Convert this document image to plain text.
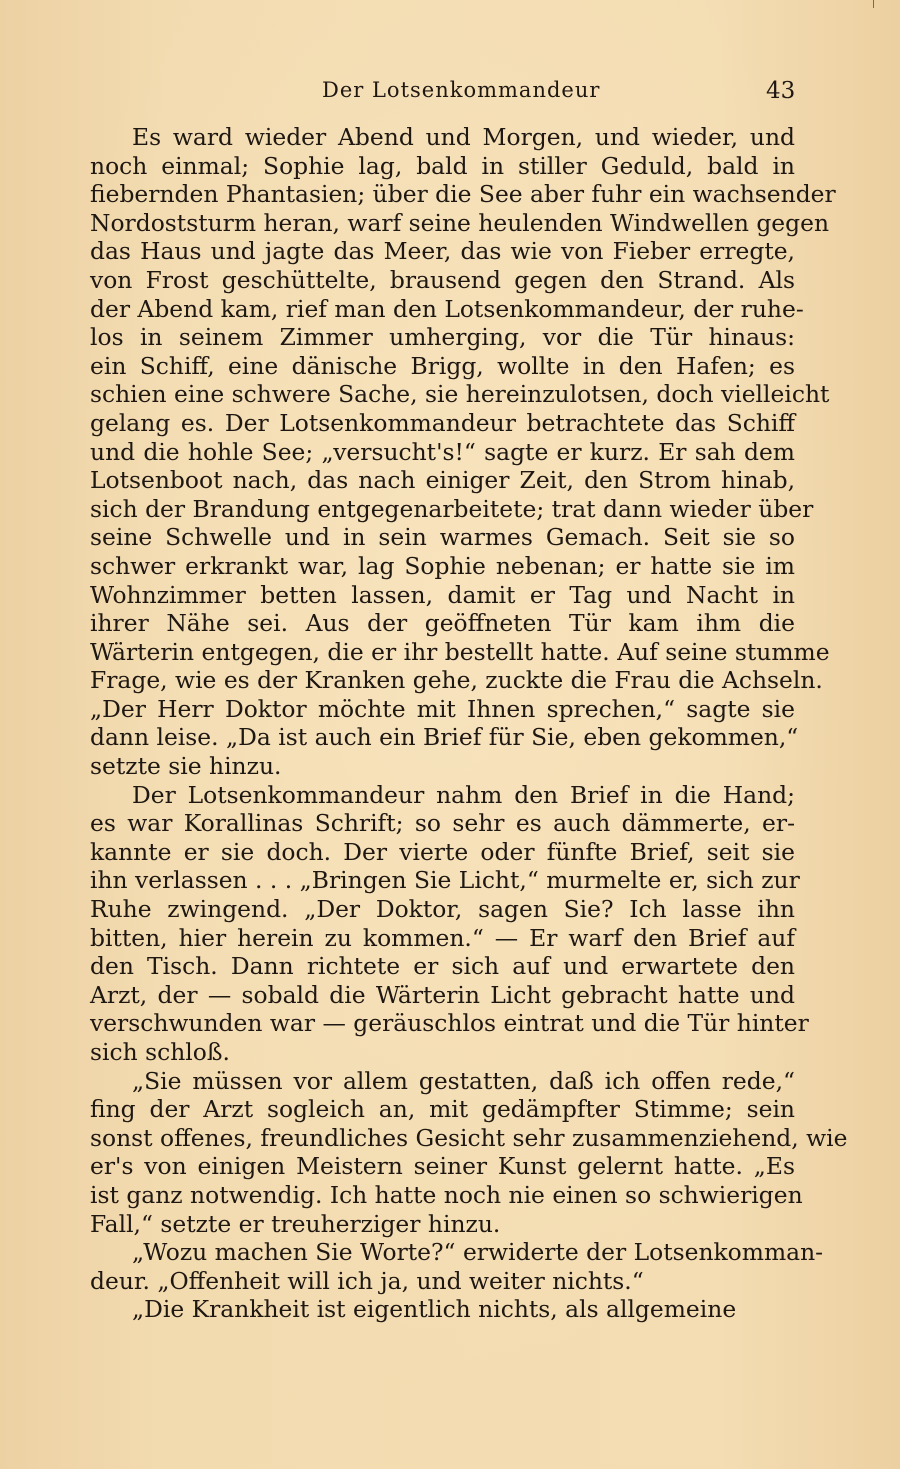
Der Lotsenkommandeur	43
Es ward wieder Abend und Morgen, und wieder, und
noch einmal; Sophie lag, bald in stiller Geduld, bald in
fiebernden Phantasien; über die See aber fuhr ein wachsender
Nordoststurm heran, warf seine heulenden Windwellen gegen
das Haus und jagte das Meer, das wie von Fieber erregte,
von Frost geschüttelte, brausend gegen den Strand. Als
der Abend kam, rief man den Lotsenkommandeur, der ruhe-
los in seinem Zimmer umherging, vor die Tür hinaus:
ein Schiff, eine dänische Brigg, wollte in den Hafen; es
schien eine schwere Sache, sie hereinzulotsen, doch vielleicht
gelang es. Der Lotsenkommandeur betrachtete das Schiff
und die hohle See; „versucht's!“ sagte er kurz. Er sah dem
Lotsenboot nach, das nach einiger Zeit, den Strom hinab,
sich der Brandung entgegenarbeitete; trat dann wieder über
seine Schwelle und in sein warmes Gemach. Seit sie so
schwer erkrankt war, lag Sophie nebenan; er hatte sie im
Wohnzimmer betten lassen, damit er Tag und Nacht in
ihrer Nähe sei. Aus der geöffneten Tür kam ihm die
Wärterin entgegen, die er ihr bestellt hatte. Auf seine stumme
Frage, wie es der Kranken gehe, zuckte die Frau die Achseln.
„Der Herr Doktor möchte mit Ihnen sprechen,“ sagte sie
dann leise. „Da ist auch ein Brief für Sie, eben gekommen,“
setzte sie hinzu.
Der Lotsenkommandeur nahm den Brief in die Hand;
es war Korallinas Schrift; so sehr es auch dämmerte, er-
kannte er sie doch. Der vierte oder fünfte Brief, seit sie
ihn verlassen . . . „Bringen Sie Licht,“ murmelte er, sich zur
Ruhe zwingend. „Der Doktor, sagen Sie? Ich lasse ihn
bitten, hier herein zu kommen.“ — Er warf den Brief auf
den Tisch. Dann richtete er sich auf und erwartete den
Arzt, der — sobald die Wärterin Licht gebracht hatte und
verschwunden war — geräuschlos eintrat und die Tür hinter
sich schloß.
„Sie müssen vor allem gestatten, daß ich offen rede,“
fing der Arzt sogleich an, mit gedämpfter Stimme; sein
sonst offenes, freundliches Gesicht sehr zusammenziehend, wie
er's von einigen Meistern seiner Kunst gelernt hatte. „Es
ist ganz notwendig. Ich hatte noch nie einen so schwierigen
Fall,“ setzte er treuherziger hinzu.
„Wozu machen Sie Worte?“ erwiderte der Lotsenkomman-
deur. „Offenheit will ich ja, und weiter nichts.“
„Die Krankheit ist eigentlich nichts, als allgemeine
